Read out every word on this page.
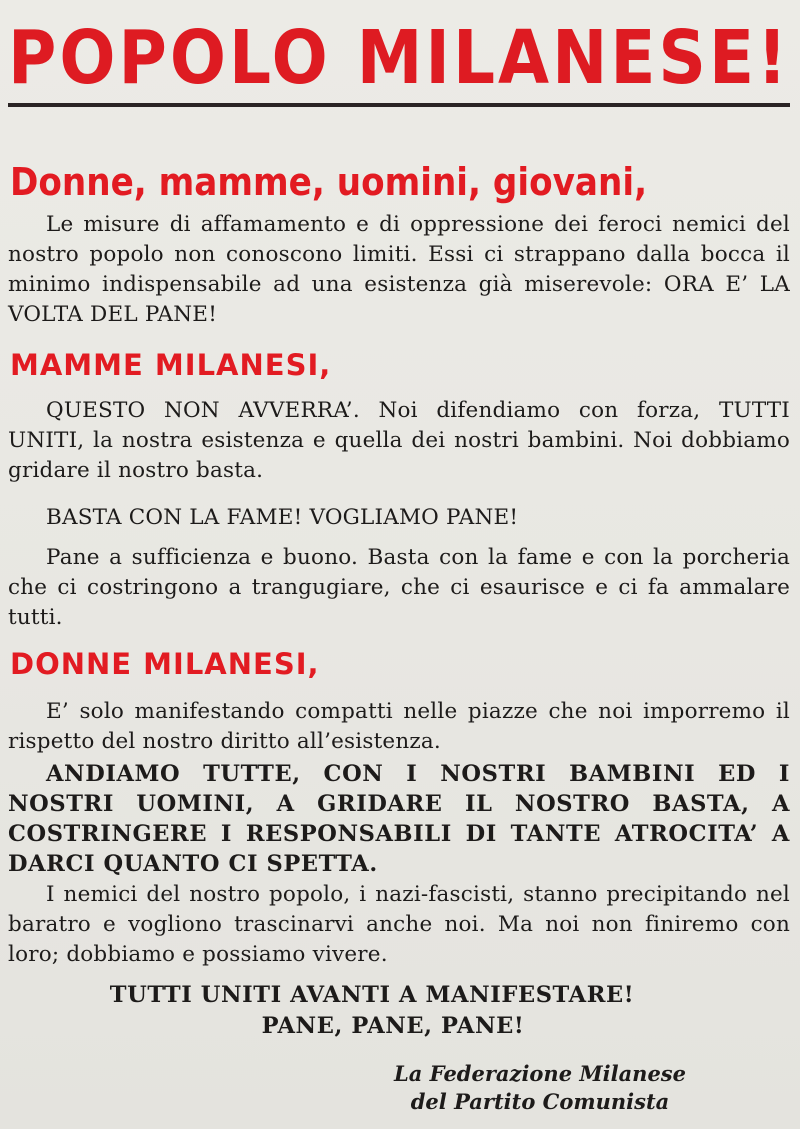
POPOLO MILANESE!
Donne, mamme, uomini, giovani,

Le misure di affamamento e di oppressione dei feroci nemici del nostro popolo non conoscono limiti. Essi ci strappano dalla bocca il minimo indispensabile ad una esistenza già miserevole: ORA E’ LA VOLTA DEL PANE!

MAMME MILANESI,

QUESTO NON AVVERRA’. Noi difendiamo con forza, TUTTI UNITI, la nostra esistenza e quella dei nostri bambini. Noi dobbiamo gridare il nostro basta.

BASTA CON LA FAME! VOGLIAMO PANE!

Pane a sufficienza e buono. Basta con la fame e con la porcheria che ci costringono a trangugiare, che ci esaurisce e ci fa ammalare tutti.

DONNE MILANESI,

E’ solo manifestando compatti nelle piazze che noi imporremo il rispetto del nostro diritto all’esistenza.

ANDIAMO TUTTE, CON I NOSTRI BAMBINI ED I NOSTRI UOMINI, A GRIDARE IL NOSTRO BASTA, A COSTRINGERE I RESPONSABILI DI TANTE ATROCITA’ A DARCI QUANTO CI SPETTA.

I nemici del nostro popolo, i nazi-fascisti, stanno precipitando nel baratro e vogliono trascinarvi anche noi. Ma noi non finiremo con loro; dobbiamo e possiamo vivere.

TUTTI UNITI AVANTI A MANIFESTARE!

PANE, PANE, PANE!

La Federazione Milanese

del Partito Comunista
